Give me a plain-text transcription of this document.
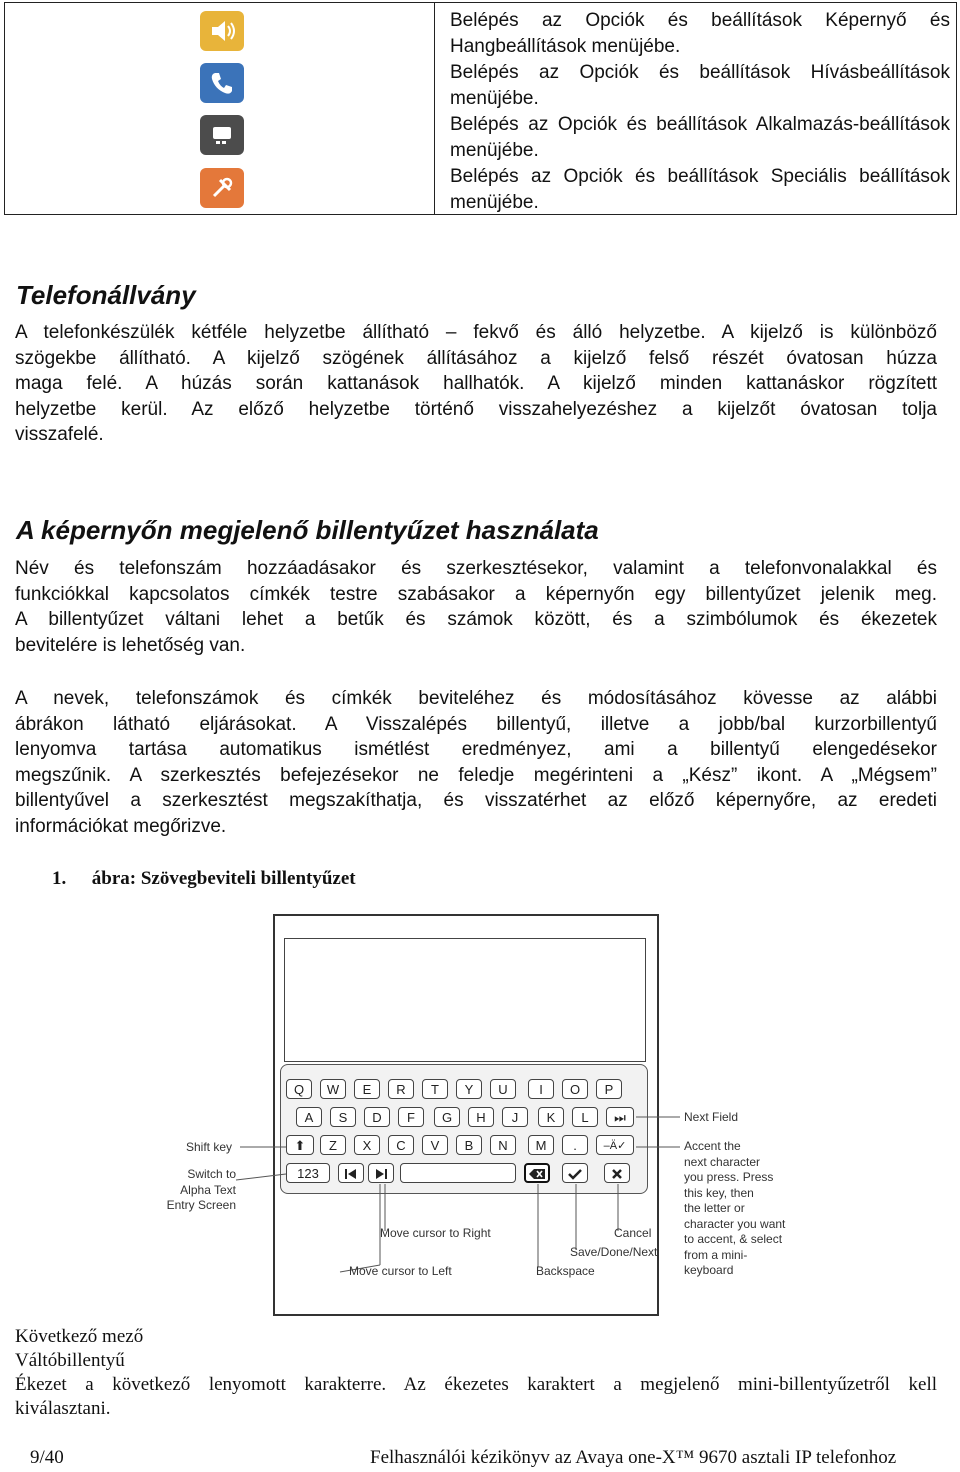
Belépés az Opciók és beállítások Képernyő és Hangbeállítások menüjébe.

Belépés az Opciók és beállítások Hívásbeállítások menüjébe.

Belépés az Opciók és beállítások Alkalmazás-beállítások menüjébe.

Belépés az Opciók és beállítások Speciális beállítások menüjébe.

Telefonállvány
A telefonkészülék kétféle helyzetbe állítható – fekvő és álló helyzetbe. A kijelző is különböző
szögekbe állítható. A kijelző szögének állításához a kijelző felső részét óvatosan húzza
maga felé. A húzás során kattanások hallhatók. A kijelző minden kattanáskor rögzített
helyzetbe kerül. Az előző helyzetbe történő visszahelyezéshez a kijelzőt óvatosan tolja
visszafelé.
A képernyőn megjelenő billentyűzet használata
Név és telefonszám hozzáadásakor és szerkesztésekor, valamint a telefonvonalakkal és
funkciókkal kapcsolatos címkék testre szabásakor a képernyőn egy billentyűzet jelenik meg.
A billentyűzet váltani lehet a betűk és számok között, és a szimbólumok és ékezetek
bevitelére is lehetőség van.
A nevek, telefonszámok és címkék beviteléhez és módosításához kövesse az alábbi
ábrákon látható eljárásokat. A Visszalépés billentyű, illetve a jobb/bal kurzorbillentyű
lenyomva tartása automatikus ismétlést eredményez, ami a billentyű elengedésekor
megszűnik. A szerkesztés befejezésekor ne feledje megérinteni a „Kész” ikont. A „Mégsem”
billentyűvel a szerkesztést megszakíthatja, és visszatérhet az előző képernyőre, az eredeti
információkat megőrizve.
1. ábra: Szövegbeviteli billentyűzet
Q	W	E	R	T	Y	U	I	O	P
A	S	D	F	G	H	J	K	L	⏭
⬆	Z	X	C	V	B	N	M	.	–Ä✓
123
Shift key
Switch to
Alpha Text
Entry Screen
Next Field
Accent the
next character
you press. Press
this key, then
the letter or
character you want
to accent, & select
from a mini-
keyboard
Move cursor to Right
Move cursor to Left
Cancel
Save/Done/Next
Backspace
Következő mező
Váltóbillentyű
Ékezet a következő lenyomott karakterre. Az ékezetes karaktert a megjelenő mini-billentyűzetről kell
kiválasztani.
9/40	Felhasználói kézikönyv az Avaya one-X™ 9670 asztali IP telefonhoz
